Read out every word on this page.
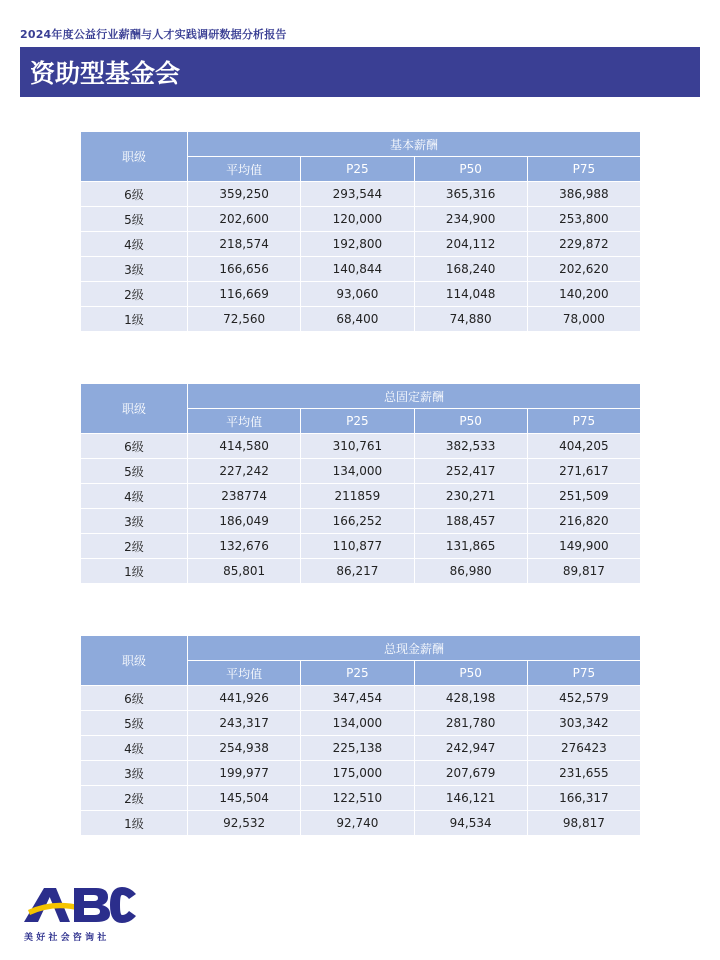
2024年度公益行业薪酬与人才实践调研数据分析报告
资助型基金会
职级	基本薪酬			
	平均值	P25	P50	P75
6级	359,250	293,544	365,316	386,988
5级	202,600	120,000	234,900	253,800
4级	218,574	192,800	204,112	229,872
3级	166,656	140,844	168,240	202,620
2级	116,669	93,060	114,048	140,200
1级	72,560	68,400	74,880	78,000
职级	总固定薪酬			
	平均值	P25	P50	P75
6级	414,580	310,761	382,533	404,205
5级	227,242	134,000	252,417	271,617
4级	238774	211859	230,271	251,509
3级	186,049	166,252	188,457	216,820
2级	132,676	110,877	131,865	149,900
1级	85,801	86,217	86,980	89,817
职级	总现金薪酬			
	平均值	P25	P50	P75
6级	441,926	347,454	428,198	452,579
5级	243,317	134,000	281,780	303,342
4级	254,938	225,138	242,947	276423
3级	199,977	175,000	207,679	231,655
2级	145,504	122,510	146,121	166,317
1级	92,532	92,740	94,534	98,817
美好社会咨询社
